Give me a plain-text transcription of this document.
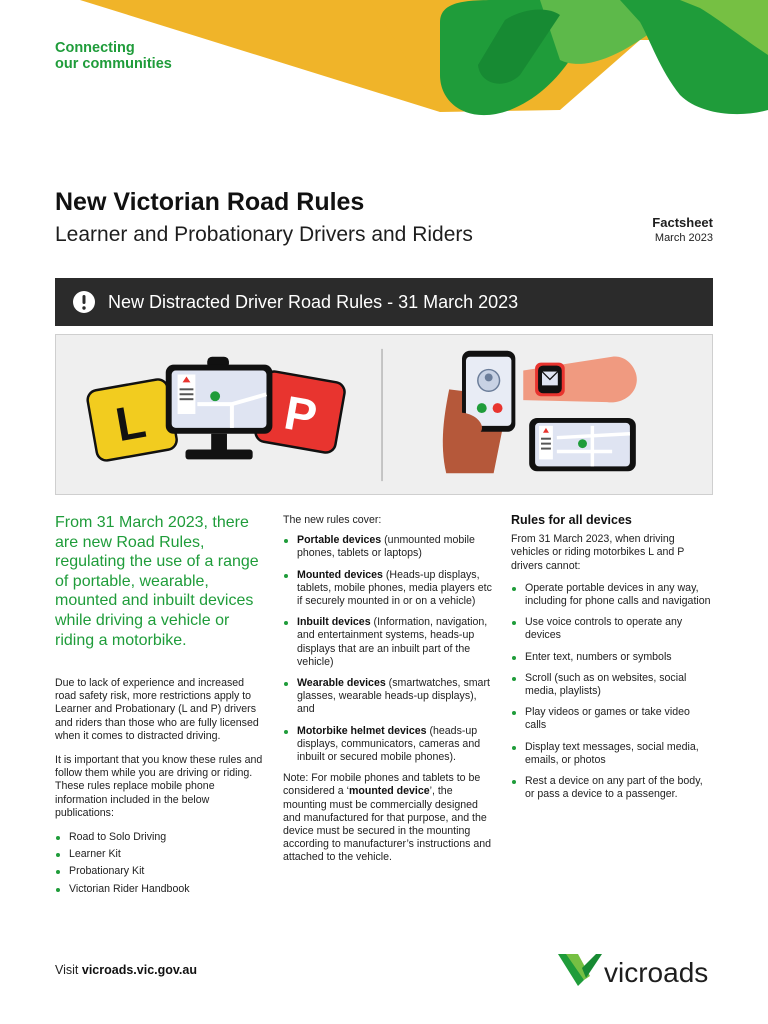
Connecting
our communities
New Victorian Road Rules
Learner and Probationary Drivers and Riders
Factsheet
March 2023
New Distracted Driver Road Rules - 31 March 2023
L	P
From 31 March 2023, there are new Road Rules, regulating the use of a range of portable, wearable, mounted and inbuilt devices while driving a vehicle or riding a motorbike.

Due to lack of experience and increased road safety risk, more restrictions apply to Learner and Probationary (L and P) drivers and riders than those who are fully licensed when it comes to distracted driving.

It is important that you know these rules and follow them while you are driving or riding. These rules replace mobile phone information included in the below publications:

Road to Solo Driving
Learner Kit
Probationary Kit
Victorian Rider Handbook

The new rules cover:

Portable devices (unmounted mobile phones, tablets or laptops)
Mounted devices (Heads-up displays, tablets, mobile phones, media players etc if securely mounted in or on a vehicle)
Inbuilt devices (Information, navigation, and entertainment systems, heads-up displays that are an inbuilt part of the vehicle)
Wearable devices (smartwatches, smart glasses, wearable heads-up displays), and
Motorbike helmet devices (heads-up displays, communicators, cameras and inbuilt or secured mobile phones).

Note: For mobile phones and tablets to be considered a ‘mounted device’, the mounting must be commercially designed and manufactured for that purpose, and the device must be secured in the mounting according to manufacturer’s instructions and attached to the vehicle.

Rules for all devices

From 31 March 2023, when driving vehicles or riding motorbikes L and P drivers cannot:

Operate portable devices in any way, including for phone calls and navigation
Use voice controls to operate any devices
Enter text, numbers or symbols
Scroll (such as on websites, social media, playlists)
Play videos or games or take video calls
Display text messages, social media, emails, or photos
Rest a device on any part of the body, or pass a device to a passenger.
Visit vicroads.vic.gov.au	vicroads
